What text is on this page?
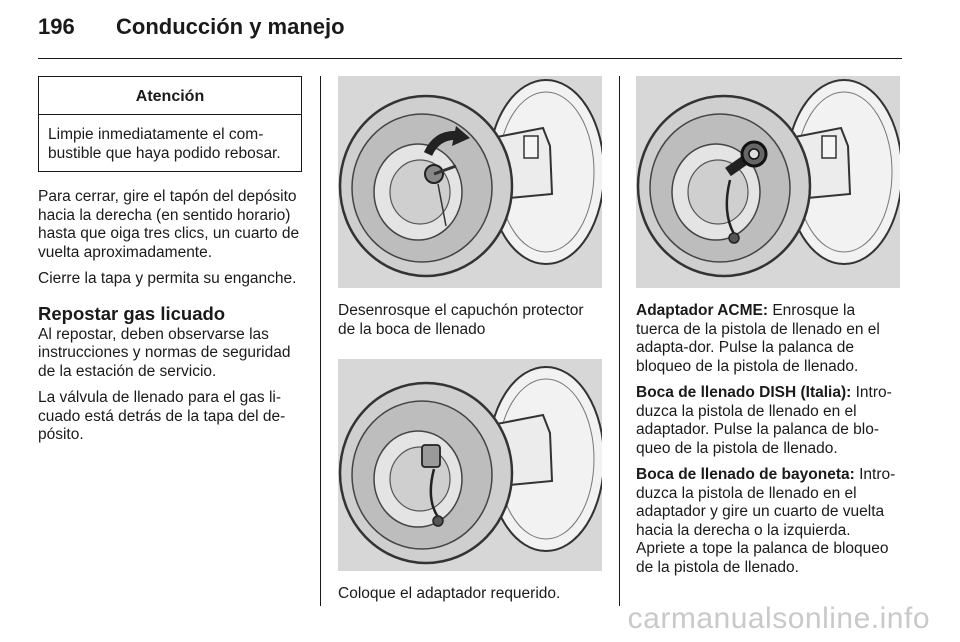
196	Conducción y manejo
Atención
Limpie inmediatamente el com-
bustible que haya podido rebosar.

Para cerrar, gire el tapón del depósito hacia la derecha (en sentido horario) hasta que oiga tres clics, un cuarto de vuelta aproximadamente.

Cierre la tapa y permita su enganche.

Repostar gas licuado

Al repostar, deben observarse las instrucciones y normas de seguridad de la estación de servicio.

La válvula de llenado para el gas li-
cuado está detrás de la tapa del de-
pósito.

Desenrosque el capuchón protector de la boca de llenado

Coloque el adaptador requerido.

Adaptador ACME: Enrosque la tuerca de la pistola de llenado en el adapta-dor. Pulse la palanca de bloqueo de la pistola de llenado.

Boca de llenado DISH (Italia): Intro-duzca la pistola de llenado en el adaptador. Pulse la palanca de blo-queo de la pistola de llenado.

Boca de llenado de bayoneta: Intro-duzca la pistola de llenado en el adaptador y gire un cuarto de vuelta hacia la derecha o la izquierda. Apriete a tope la palanca de bloqueo de la pistola de llenado.

carmanualsonline.info
